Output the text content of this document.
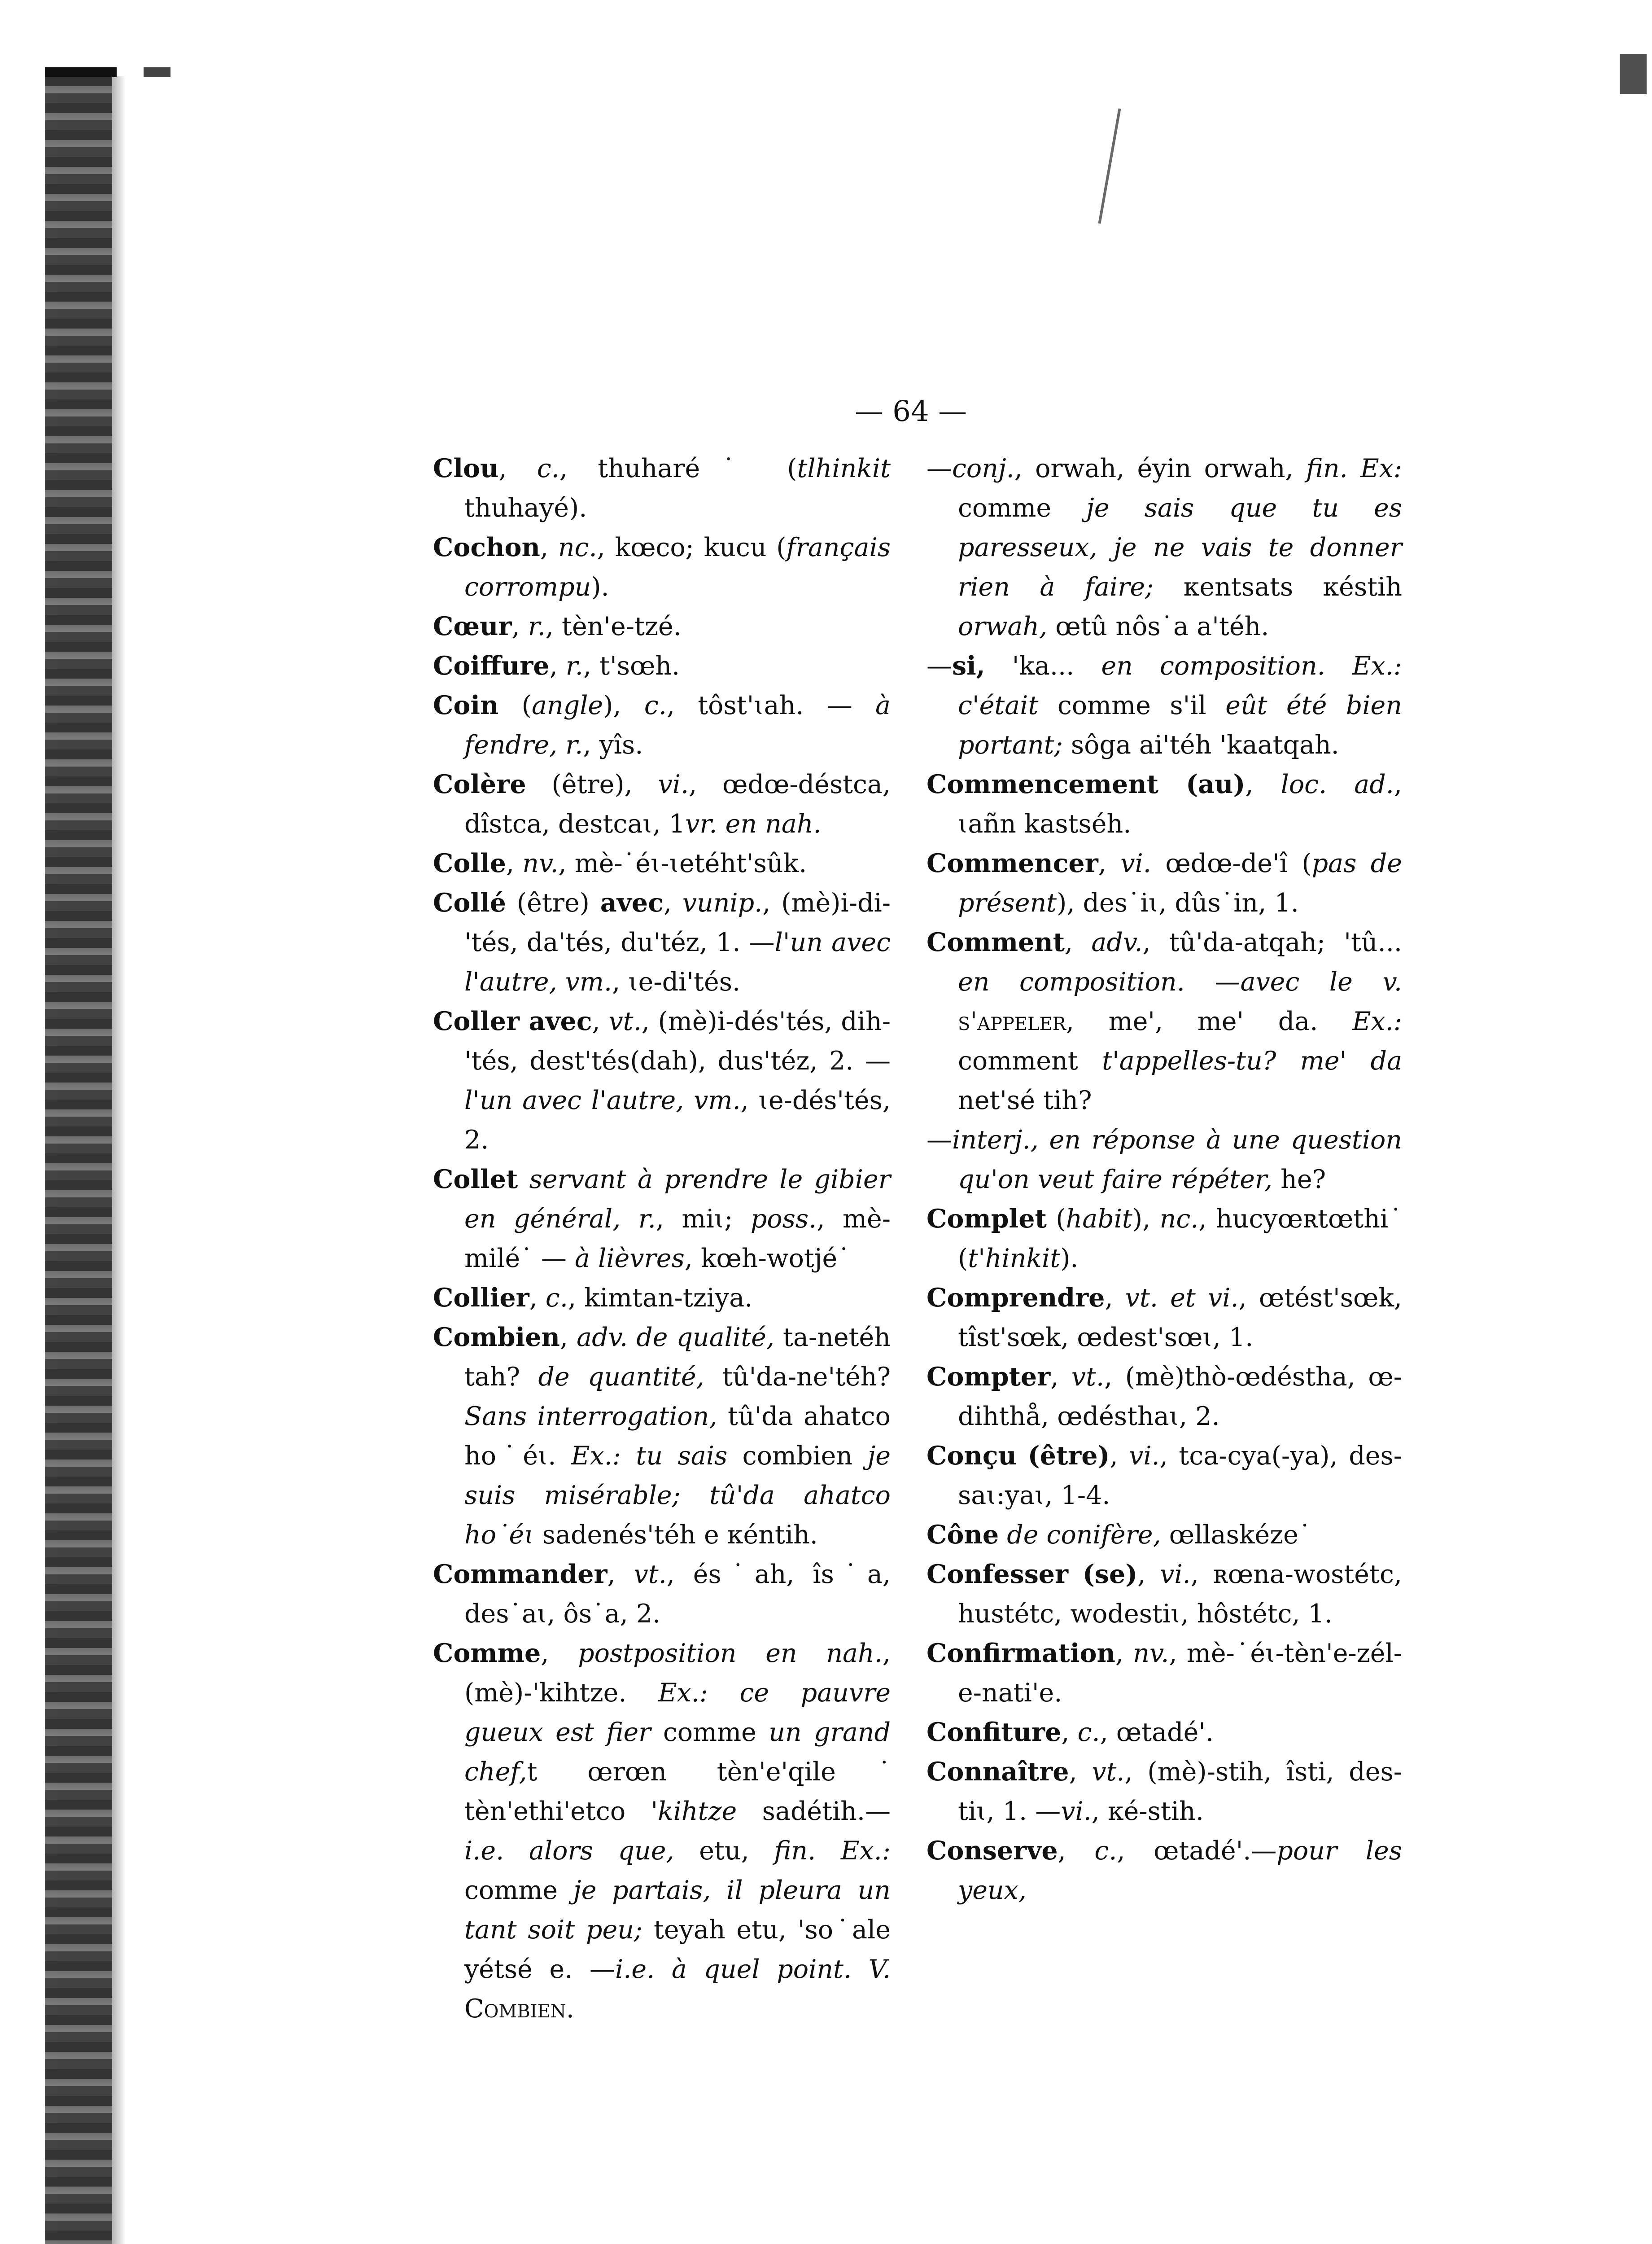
— 64 —

Clou, c., thuharé˙ (tlhinkit thuhayé).

Cochon, nc., kœco; kucu (français corrompu).

Cœur, r., tèn'e-tzé.

Coiffure, r., t'sœh.

Coin (angle), c., tôst'ɩah. — à fendre, r., yîs.

Colère (être), vi., œdœ-déstca, dîstca, destcaɩ, 1vr. en nah.

Colle, nv., mè-˙éɩ-ɩetéht'sûk.

Collé (être) avec, vunip., (mè)i-di-'tés, da'tés, du'téz, 1. —l'un avec l'autre, vm., ɩe-di'tés.

Coller avec, vt., (mè)i-dés'tés, dih-'tés, dest'tés(dah), dus'téz, 2. — l'un avec l'autre, vm., ɩe-dés'tés, 2.

Collet servant à prendre le gibier en général, r., miɩ; poss., mè-milé˙ — à lièvres, kœh-wotjé˙

Collier, c., kimtan-tziya.

Combien, adv. de qualité, ta-netéh tah? de quantité, tû'da-ne'téh? Sans interrogation, tû'da ahatco ho˙éɩ. Ex.: tu sais combien je suis misérable; tû'da ahatco ho˙éɩ sadenés'téh e ᴋéntih.

Commander, vt., és˙ah, îs˙a, des˙aɩ, ôs˙a, 2.

Comme, postposition en nah., (mè)-'kihtze. Ex.: ce pauvre gueux est fier comme un grand chef,t œrœn tèn'e'qile˙ tèn'ethi'etco 'kihtze sadétih.—i.e. alors que, etu, fin. Ex.: comme je partais, il pleura un tant soit peu; teyah etu, 'so˙ale yétsé e. —i.e. à quel point. V. Combien.

—conj., orwah, éyin orwah, fin. Ex: comme je sais que tu es paresseux, je ne vais te donner rien à faire; ᴋentsats ᴋéstih orwah, œtû nôs˙a a'téh.

—si, 'ka... en composition. Ex.: c'était comme s'il eût été bien portant; sôga ai'téh 'kaatqah.

Commencement (au), loc. ad., ɩañn kastséh.

Commencer, vi. œdœ-de'î (pas de présent), des˙iɩ, dûs˙in, 1.

Comment, adv., tû'da-atqah; 'tû... en composition. —avec le v. s'appeler, me', me' da. Ex.: comment t'appelles-tu? me' da net'sé tih?

—interj., en réponse à une question qu'on veut faire répéter, he?

Complet (habit), nc., hucyœʀtœthi˙ (t'hinkit).

Comprendre, vt. et vi., œtést'sœk, tîst'sœk, œdest'sœɩ, 1.

Compter, vt., (mè)thò-œdéstha, œ-dihthå, œdésthaɩ, 2.

Conçu (être), vi., tca-cya(-ya), des-saɩ:yaɩ, 1-4.

Cône de conifère, œllaskéze˙

Confesser (se), vi., ʀœna-wostétc, hustétc, wodestiɩ, hôstétc, 1.

Confirmation, nv., mè-˙éɩ-tèn'e-zél-e-nati'e.

Confiture, c., œtadé'.

Connaître, vt., (mè)-stih, îsti, des-tiɩ, 1. —vi., ᴋé-stih.

Conserve, c., œtadé'.—pour les yeux,
